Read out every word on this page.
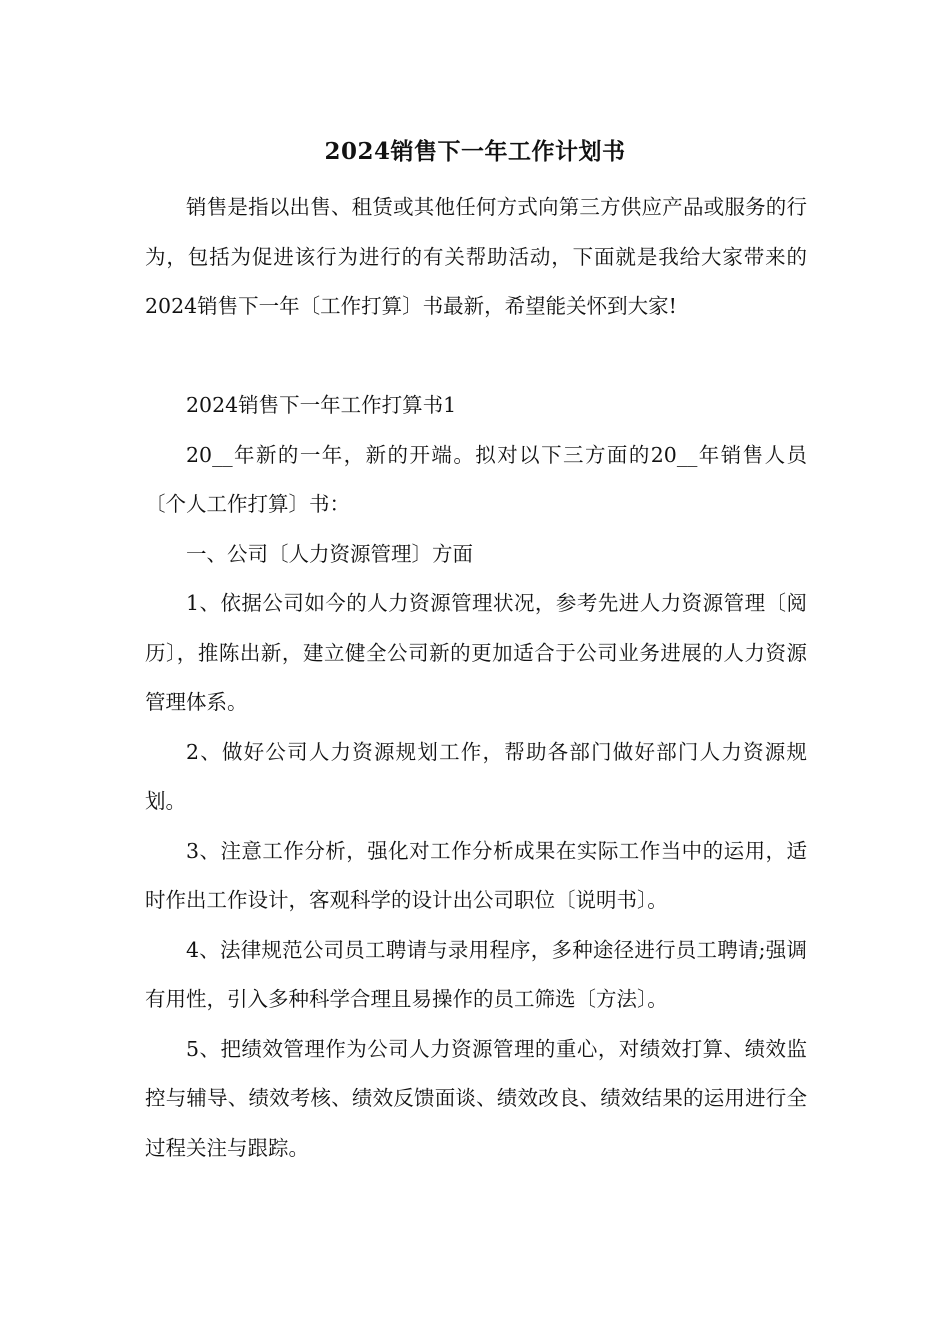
2024销售下一年工作计划书

销售是指以出售、租赁或其他任何方式向第三方供应产品或服务的行为，包括为促进该行为进行的有关帮助活动，下面就是我给大家带来的2024销售下一年〔工作打算〕书最新，希望能关怀到大家!

2024销售下一年工作打算书1

20__年新的一年，新的开端。拟对以下三方面的20__年销售人员〔个人工作打算〕书：

一、公司〔人力资源管理〕方面

1、依据公司如今的人力资源管理状况，参考先进人力资源管理〔阅历〕，推陈出新，建立健全公司新的更加适合于公司业务进展的人力资源管理体系。

2、做好公司人力资源规划工作，帮助各部门做好部门人力资源规划。

3、注意工作分析，强化对工作分析成果在实际工作当中的运用，适时作出工作设计，客观科学的设计出公司职位〔说明书〕。

4、法律规范公司员工聘请与录用程序，多种途径进行员工聘请;强调有用性，引入多种科学合理且易操作的员工筛选〔方法〕。

5、把绩效管理作为公司人力资源管理的重心，对绩效打算、绩效监控与辅导、绩效考核、绩效反馈面谈、绩效改良、绩效结果的运用进行全过程关注与跟踪。
